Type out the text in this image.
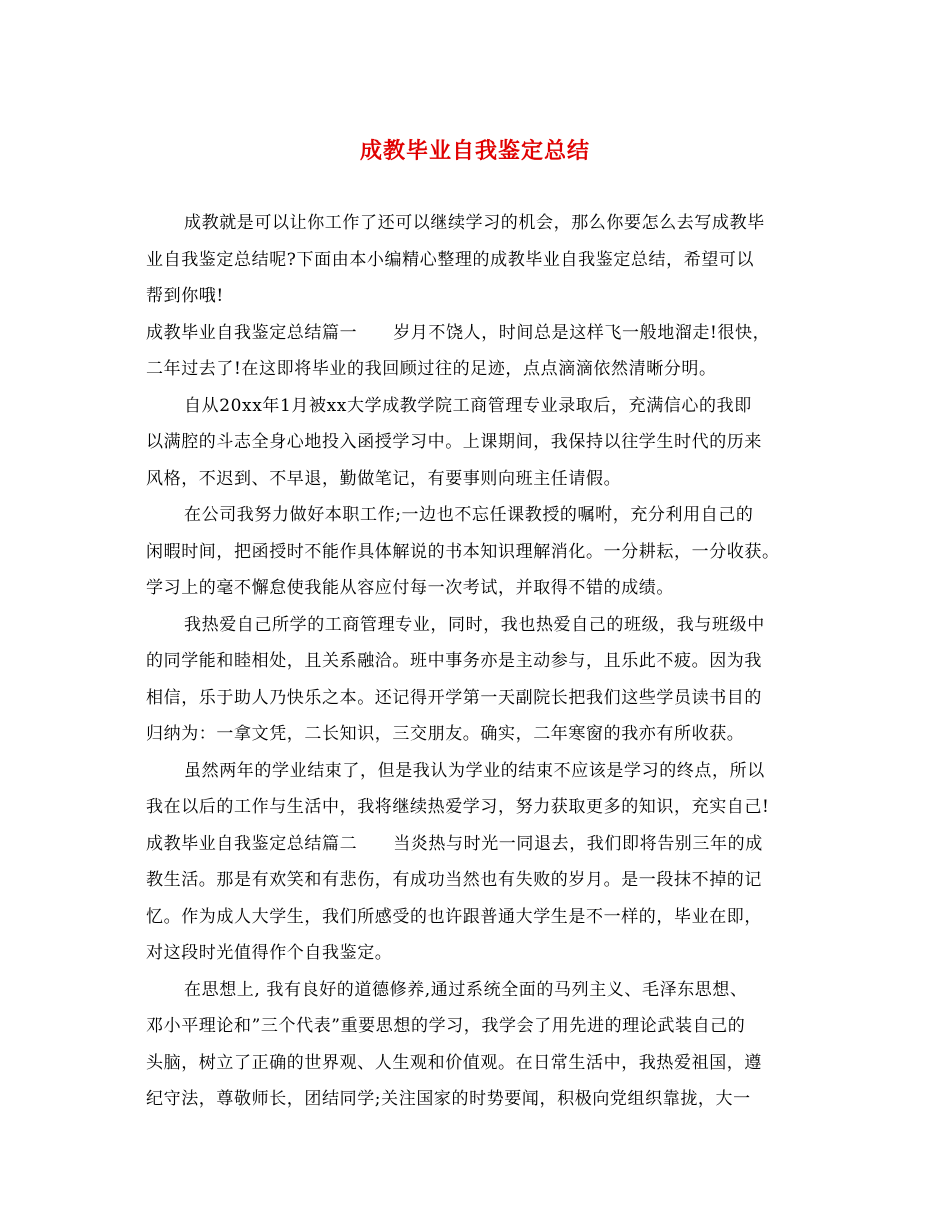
成教毕业自我鉴定总结
成教就是可以让你工作了还可以继续学习的机会，那么你要怎么去写成教毕
业自我鉴定总结呢?下面由本小编精心整理的成教毕业自我鉴定总结，希望可以
帮到你哦!
成教毕业自我鉴定总结篇一 岁月不饶人，时间总是这样飞一般地溜走!很快，
二年过去了!在这即将毕业的我回顾过往的足迹，点点滴滴依然清晰分明。
自从20xx年1月被xx大学成教学院工商管理专业录取后，充满信心的我即
以满腔的斗志全身心地投入函授学习中。上课期间，我保持以往学生时代的历来
风格，不迟到、不早退，勤做笔记，有要事则向班主任请假。
在公司我努力做好本职工作;一边也不忘任课教授的嘱咐，充分利用自己的
闲暇时间，把函授时不能作具体解说的书本知识理解消化。一分耕耘，一分收获。
学习上的毫不懈怠使我能从容应付每一次考试，并取得不错的成绩。
我热爱自己所学的工商管理专业，同时，我也热爱自己的班级，我与班级中
的同学能和睦相处，且关系融洽。班中事务亦是主动参与，且乐此不疲。因为我
相信，乐于助人乃快乐之本。还记得开学第一天副院长把我们这些学员读书目的
归纳为：一拿文凭，二长知识，三交朋友。确实，二年寒窗的我亦有所收获。
虽然两年的学业结束了，但是我认为学业的结束不应该是学习的终点，所以
我在以后的工作与生活中，我将继续热爱学习，努力获取更多的知识，充实自己!
成教毕业自我鉴定总结篇二 当炎热与时光一同退去，我们即将告别三年的成
教生活。那是有欢笑和有悲伤，有成功当然也有失败的岁月。是一段抹不掉的记
忆。作为成人大学生，我们所感受的也许跟普通大学生是不一样的，毕业在即，
对这段时光值得作个自我鉴定。
在思想上, 我有良好的道德修养,通过系统全面的马列主义、毛泽东思想、
邓小平理论和”三个代表”重要思想的学习，我学会了用先进的理论武装自己的
头脑，树立了正确的世界观、人生观和价值观。在日常生活中，我热爱祖国，遵
纪守法，尊敬师长，团结同学;关注国家的时势要闻，积极向党组织靠拢，大一
